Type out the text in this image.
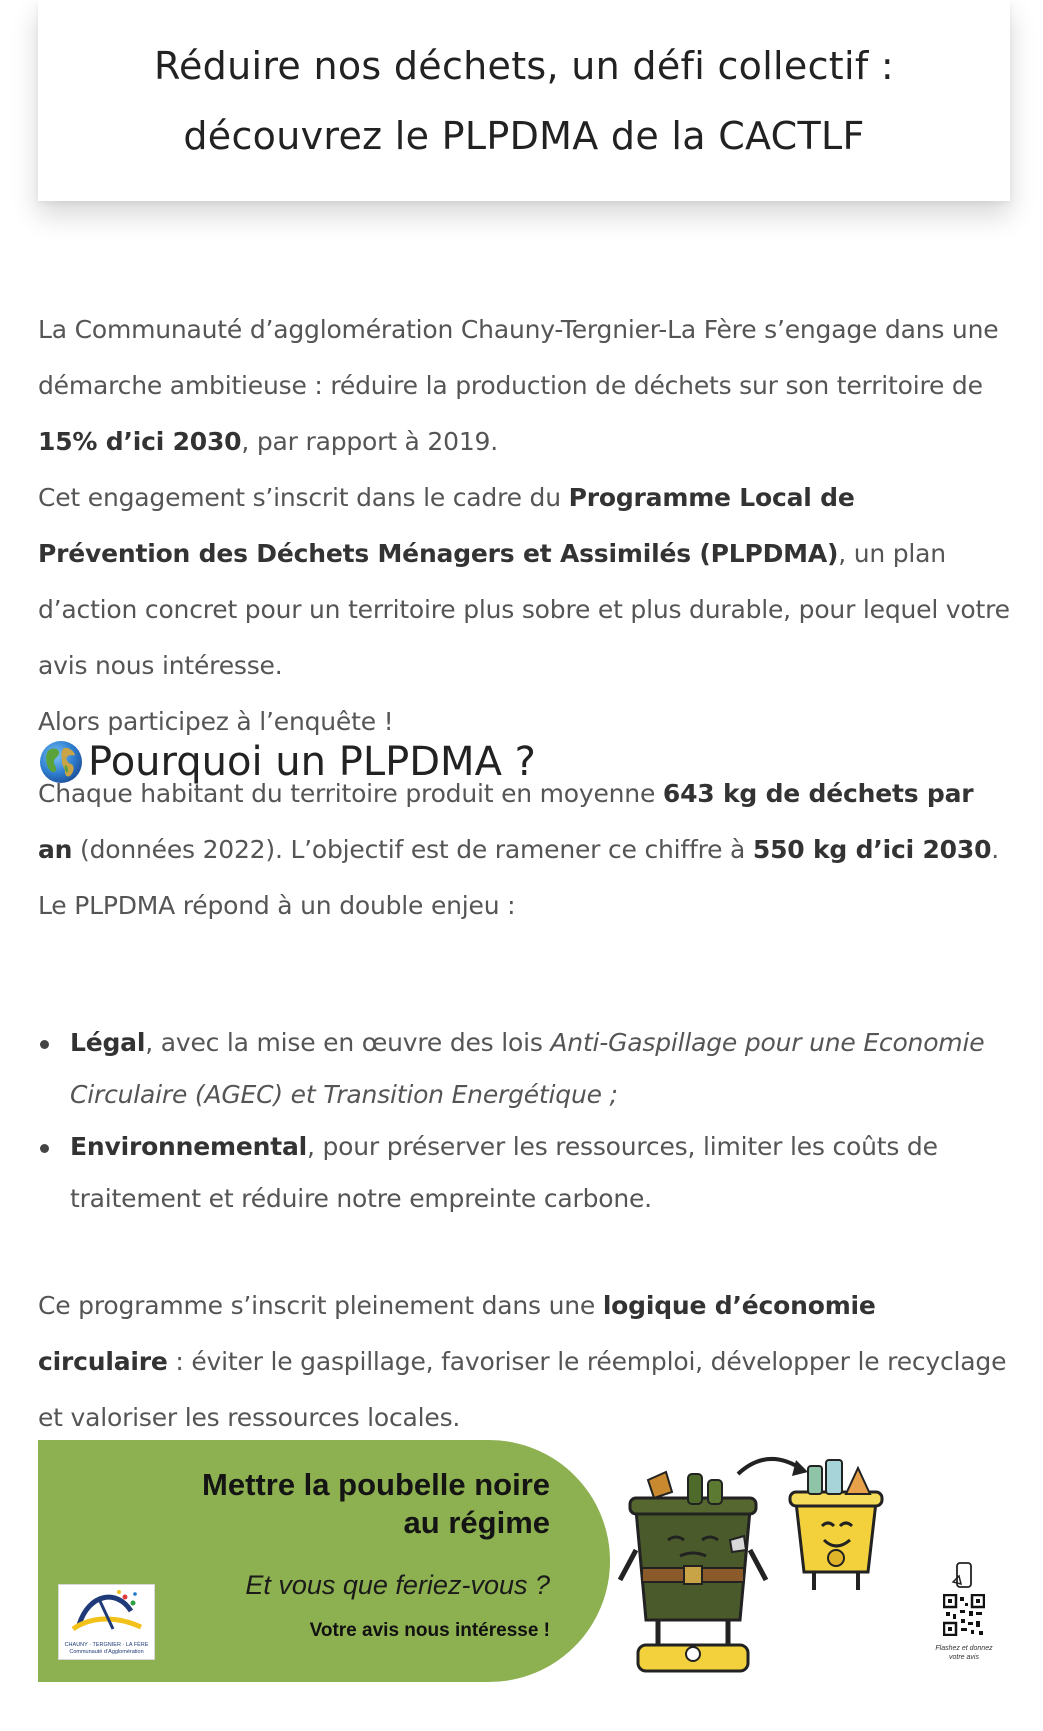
Réduire nos déchets, un défi collectif :
découvrez le PLPDMA de la CACTLF

La Communauté d’agglomération Chauny-Tergnier-La Fère s’engage dans une démarche ambitieuse : réduire la production de déchets sur son territoire de 15% d’ici 2030, par rapport à 2019.

Cet engagement s’inscrit dans le cadre du Programme Local de Prévention des Déchets Ménagers et Assimilés (PLPDMA), un plan d’action concret pour un territoire plus sobre et plus durable, pour lequel votre avis nous intéresse.

Alors participez à l’enquête !

Pourquoi un PLPDMA ?

Chaque habitant du territoire produit en moyenne 643 kg de déchets par an (données 2022). L’objectif est de ramener ce chiffre à 550 kg d’ici 2030.

Le PLPDMA répond à un double enjeu :

Légal, avec la mise en œuvre des lois Anti-Gaspillage pour une Economie Circulaire (AGEC) et Transition Energétique ;
Environnemental, pour préserver les ressources, limiter les coûts de traitement et réduire notre empreinte carbone.

Ce programme s’inscrit pleinement dans une logique d’économie circulaire : éviter le gaspillage, favoriser le réemploi, développer le recyclage et valoriser les ressources locales.

Mettre la poubelle noire
au régime
Et vous que feriez-vous ?
Votre avis nous intéresse !
CHAUNY · TERGNIER · LA FÈRE
Communauté d’Agglomération
	Flashez et donnez
votre avis
